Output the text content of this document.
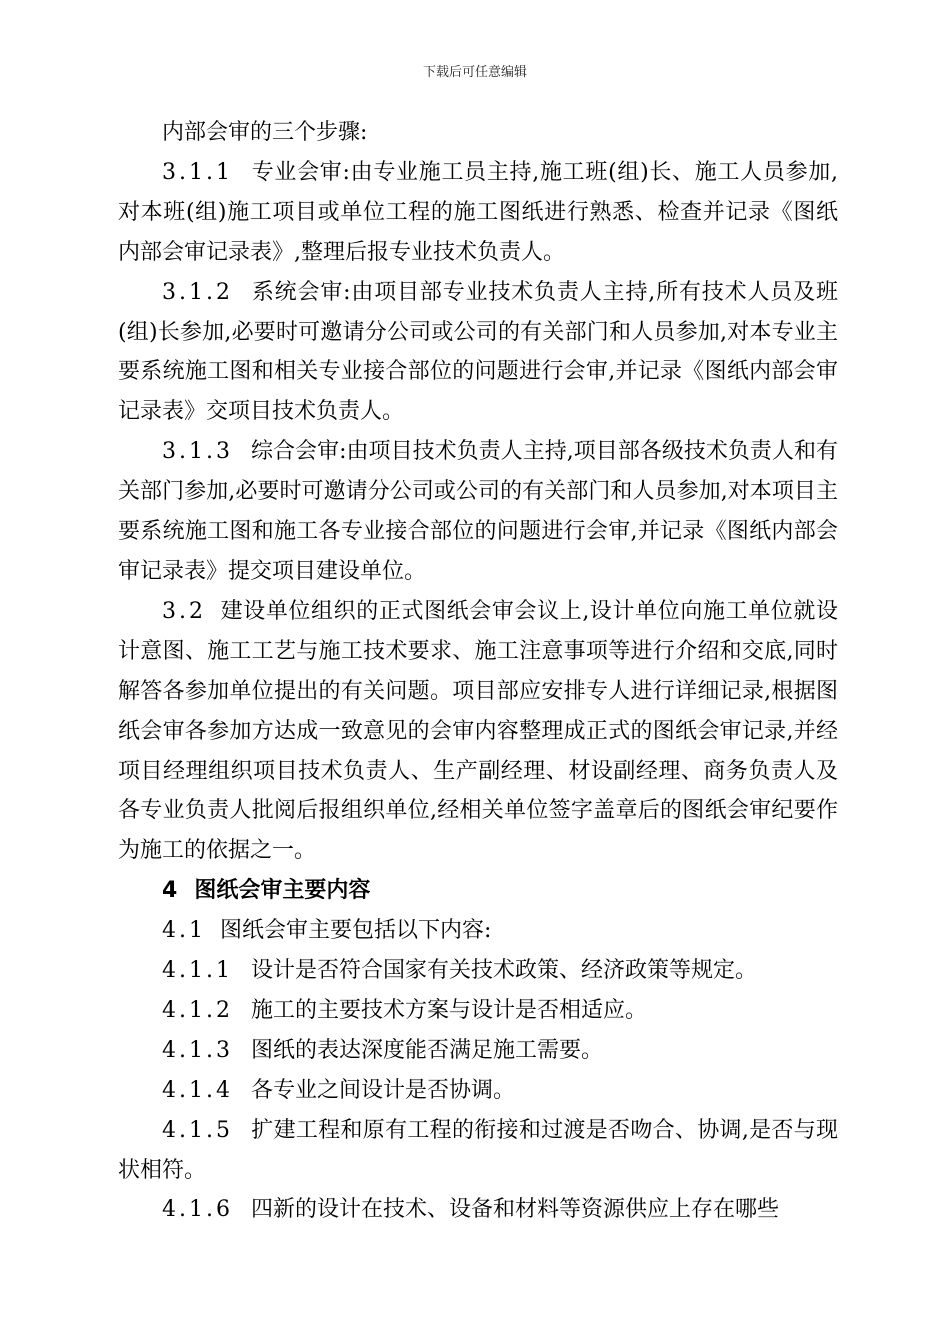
下载后可任意编辑

内部会审的三个步骤:

3.1.1 专业会审:由专业施工员主持,施工班(组)长、施工人员参加,对本班(组)施工项目或单位工程的施工图纸进行熟悉、检查并记录《图纸内部会审记录表》,整理后报专业技术负责人。

3.1.2 系统会审:由项目部专业技术负责人主持,所有技术人员及班(组)长参加,必要时可邀请分公司或公司的有关部门和人员参加,对本专业主要系统施工图和相关专业接合部位的问题进行会审,并记录《图纸内部会审记录表》交项目技术负责人。

3.1.3 综合会审:由项目技术负责人主持,项目部各级技术负责人和有关部门参加,必要时可邀请分公司或公司的有关部门和人员参加,对本项目主要系统施工图和施工各专业接合部位的问题进行会审,并记录《图纸内部会审记录表》提交项目建设单位。

3.2 建设单位组织的正式图纸会审会议上,设计单位向施工单位就设计意图、施工工艺与施工技术要求、施工注意事项等进行介绍和交底,同时解答各参加单位提出的有关问题。项目部应安排专人进行详细记录,根据图纸会审各参加方达成一致意见的会审内容整理成正式的图纸会审记录,并经项目经理组织项目技术负责人、生产副经理、材设副经理、商务负责人及各专业负责人批阅后报组织单位,经相关单位签字盖章后的图纸会审纪要作为施工的依据之一。

4 图纸会审主要内容

4.1 图纸会审主要包括以下内容:

4.1.1 设计是否符合国家有关技术政策、经济政策等规定。

4.1.2 施工的主要技术方案与设计是否相适应。

4.1.3 图纸的表达深度能否满足施工需要。

4.1.4 各专业之间设计是否协调。

4.1.5 扩建工程和原有工程的衔接和过渡是否吻合、协调,是否与现状相符。

4.1.6 四新的设计在技术、设备和材料等资源供应上存在哪些
